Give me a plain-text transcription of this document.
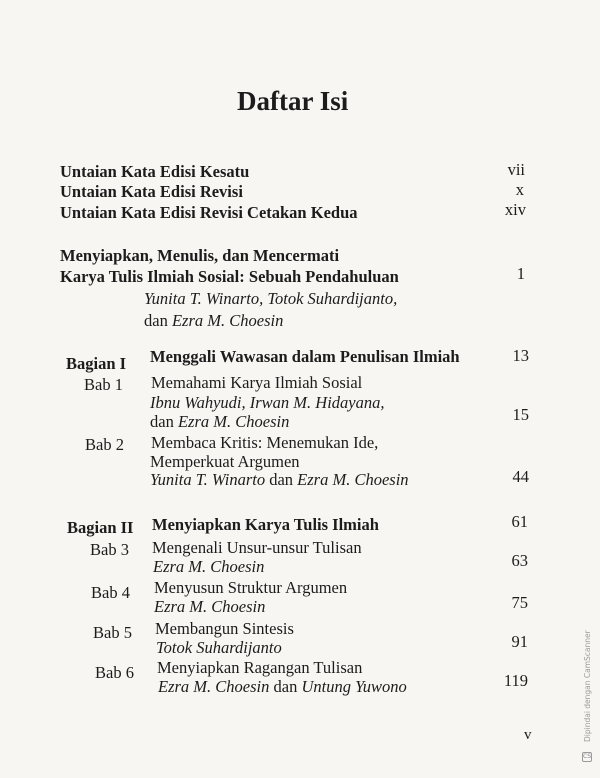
Daftar Isi
Untaian Kata Edisi Kesatu	vii
Untaian Kata Edisi Revisi	x
Untaian Kata Edisi Revisi Cetakan Kedua	xiv
Menyiapkan, Menulis, dan Mencermati
Karya Tulis Ilmiah Sosial: Sebuah Pendahuluan	1
Yunita T. Winarto, Totok Suhardijanto,
dan Ezra M. Choesin
Bagian I Menggali Wawasan dalam Penulisan Ilmiah	13
Bab 1 Memahami Karya Ilmiah Sosial
Ibnu Wahyudi, Irwan M. Hidayana,
dan Ezra M. Choesin	15
Bab 2 Membaca Kritis: Menemukan Ide,
Memperkuat Argumen
Yunita T. Winarto dan Ezra M. Choesin	44
Bagian II Menyiapkan Karya Tulis Ilmiah	61
Bab 3 Mengenali Unsur-unsur Tulisan
Ezra M. Choesin	63
Bab 4 Menyusun Struktur Argumen
Ezra M. Choesin	75
Bab 5 Membangun Sintesis
Totok Suhardijanto	91
Bab 6 Menyiapkan Ragangan Tulisan
Ezra M. Choesin dan Untung Yuwono	119
v	Dipindai dengan CamScanner
CS
